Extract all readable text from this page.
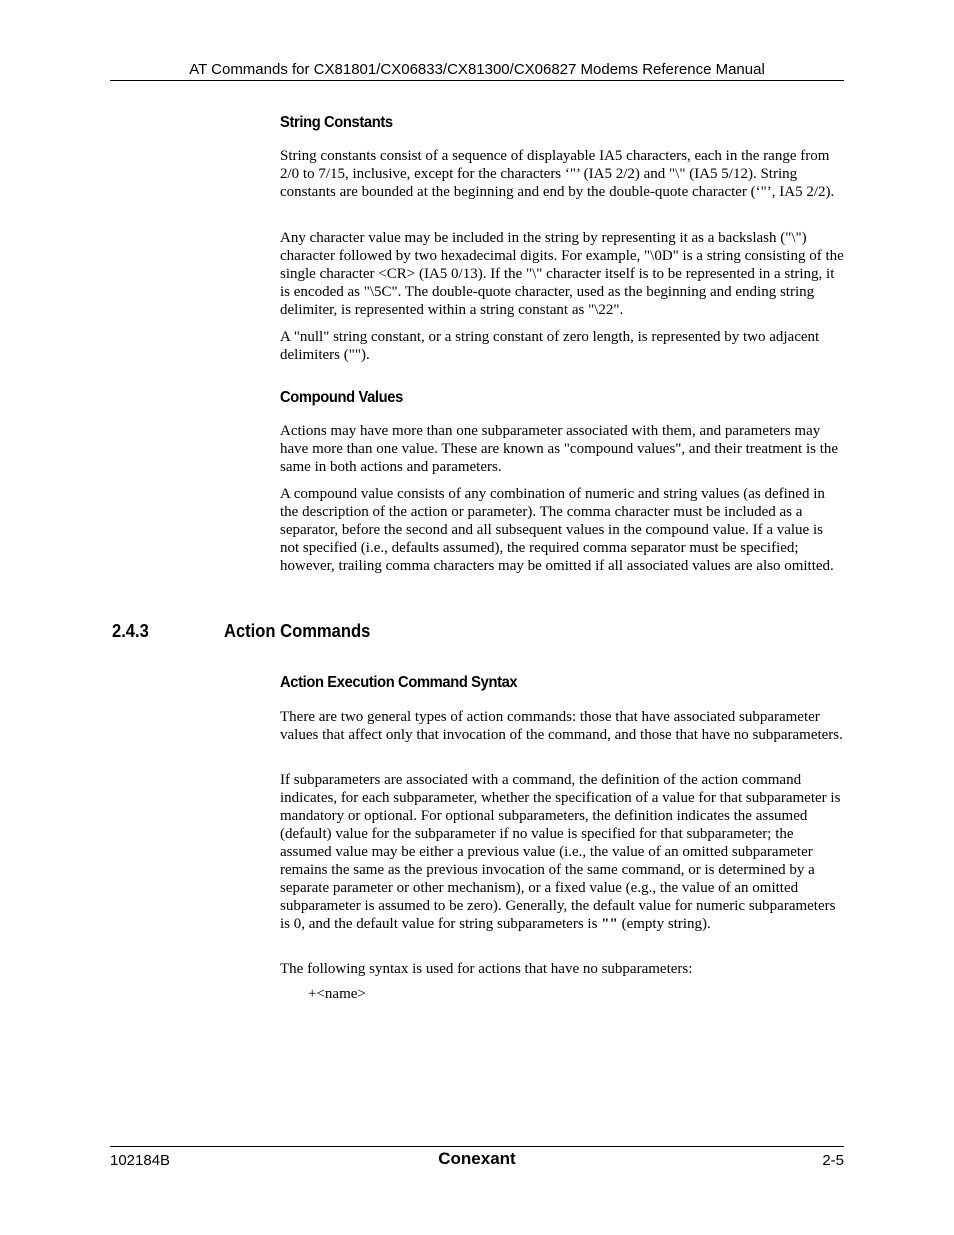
AT Commands for CX81801/CX06833/CX81300/CX06827 Modems Reference Manual
String Constants

String constants consist of a sequence of displayable IA5 characters, each in the range from 2/0 to 7/15, inclusive, except for the characters ‘"’ (IA5 2/2) and "\" (IA5 5/12). String constants are bounded at the beginning and end by the double-quote character (‘"’, IA5 2/2).

Any character value may be included in the string by representing it as a backslash ("\") character followed by two hexadecimal digits. For example, "\0D" is a string consisting of the single character <CR> (IA5 0/13). If the "\" character itself is to be represented in a string, it is encoded as "\5C". The double-quote character, used as the beginning and ending string delimiter, is represented within a string constant as "\22".

A "null" string constant, or a string constant of zero length, is represented by two adjacent delimiters ("").

Compound Values

Actions may have more than one subparameter associated with them, and parameters may have more than one value. These are known as "compound values", and their treatment is the same in both actions and parameters.

A compound value consists of any combination of numeric and string values (as defined in the description of the action or parameter). The comma character must be included as a separator, before the second and all subsequent values in the compound value. If a value is not specified (i.e., defaults assumed), the required comma separator must be specified; however, trailing comma characters may be omitted if all associated values are also omitted.

2.4.3	Action Commands
Action Execution Command Syntax

There are two general types of action commands: those that have associated subparameter values that affect only that invocation of the command, and those that have no subparameters.

If subparameters are associated with a command, the definition of the action command indicates, for each subparameter, whether the specification of a value for that subparameter is mandatory or optional. For optional subparameters, the definition indicates the assumed (default) value for the subparameter if no value is specified for that subparameter; the assumed value may be either a previous value (i.e., the value of an omitted subparameter remains the same as the previous invocation of the same command, or is determined by a separate parameter or other mechanism), or a fixed value (e.g., the value of an omitted subparameter is assumed to be zero). Generally, the default value for numeric subparameters is 0, and the default value for string subparameters is "" (empty string).

The following syntax is used for actions that have no subparameters:

+<name>
102184B	Conexant	2-5
